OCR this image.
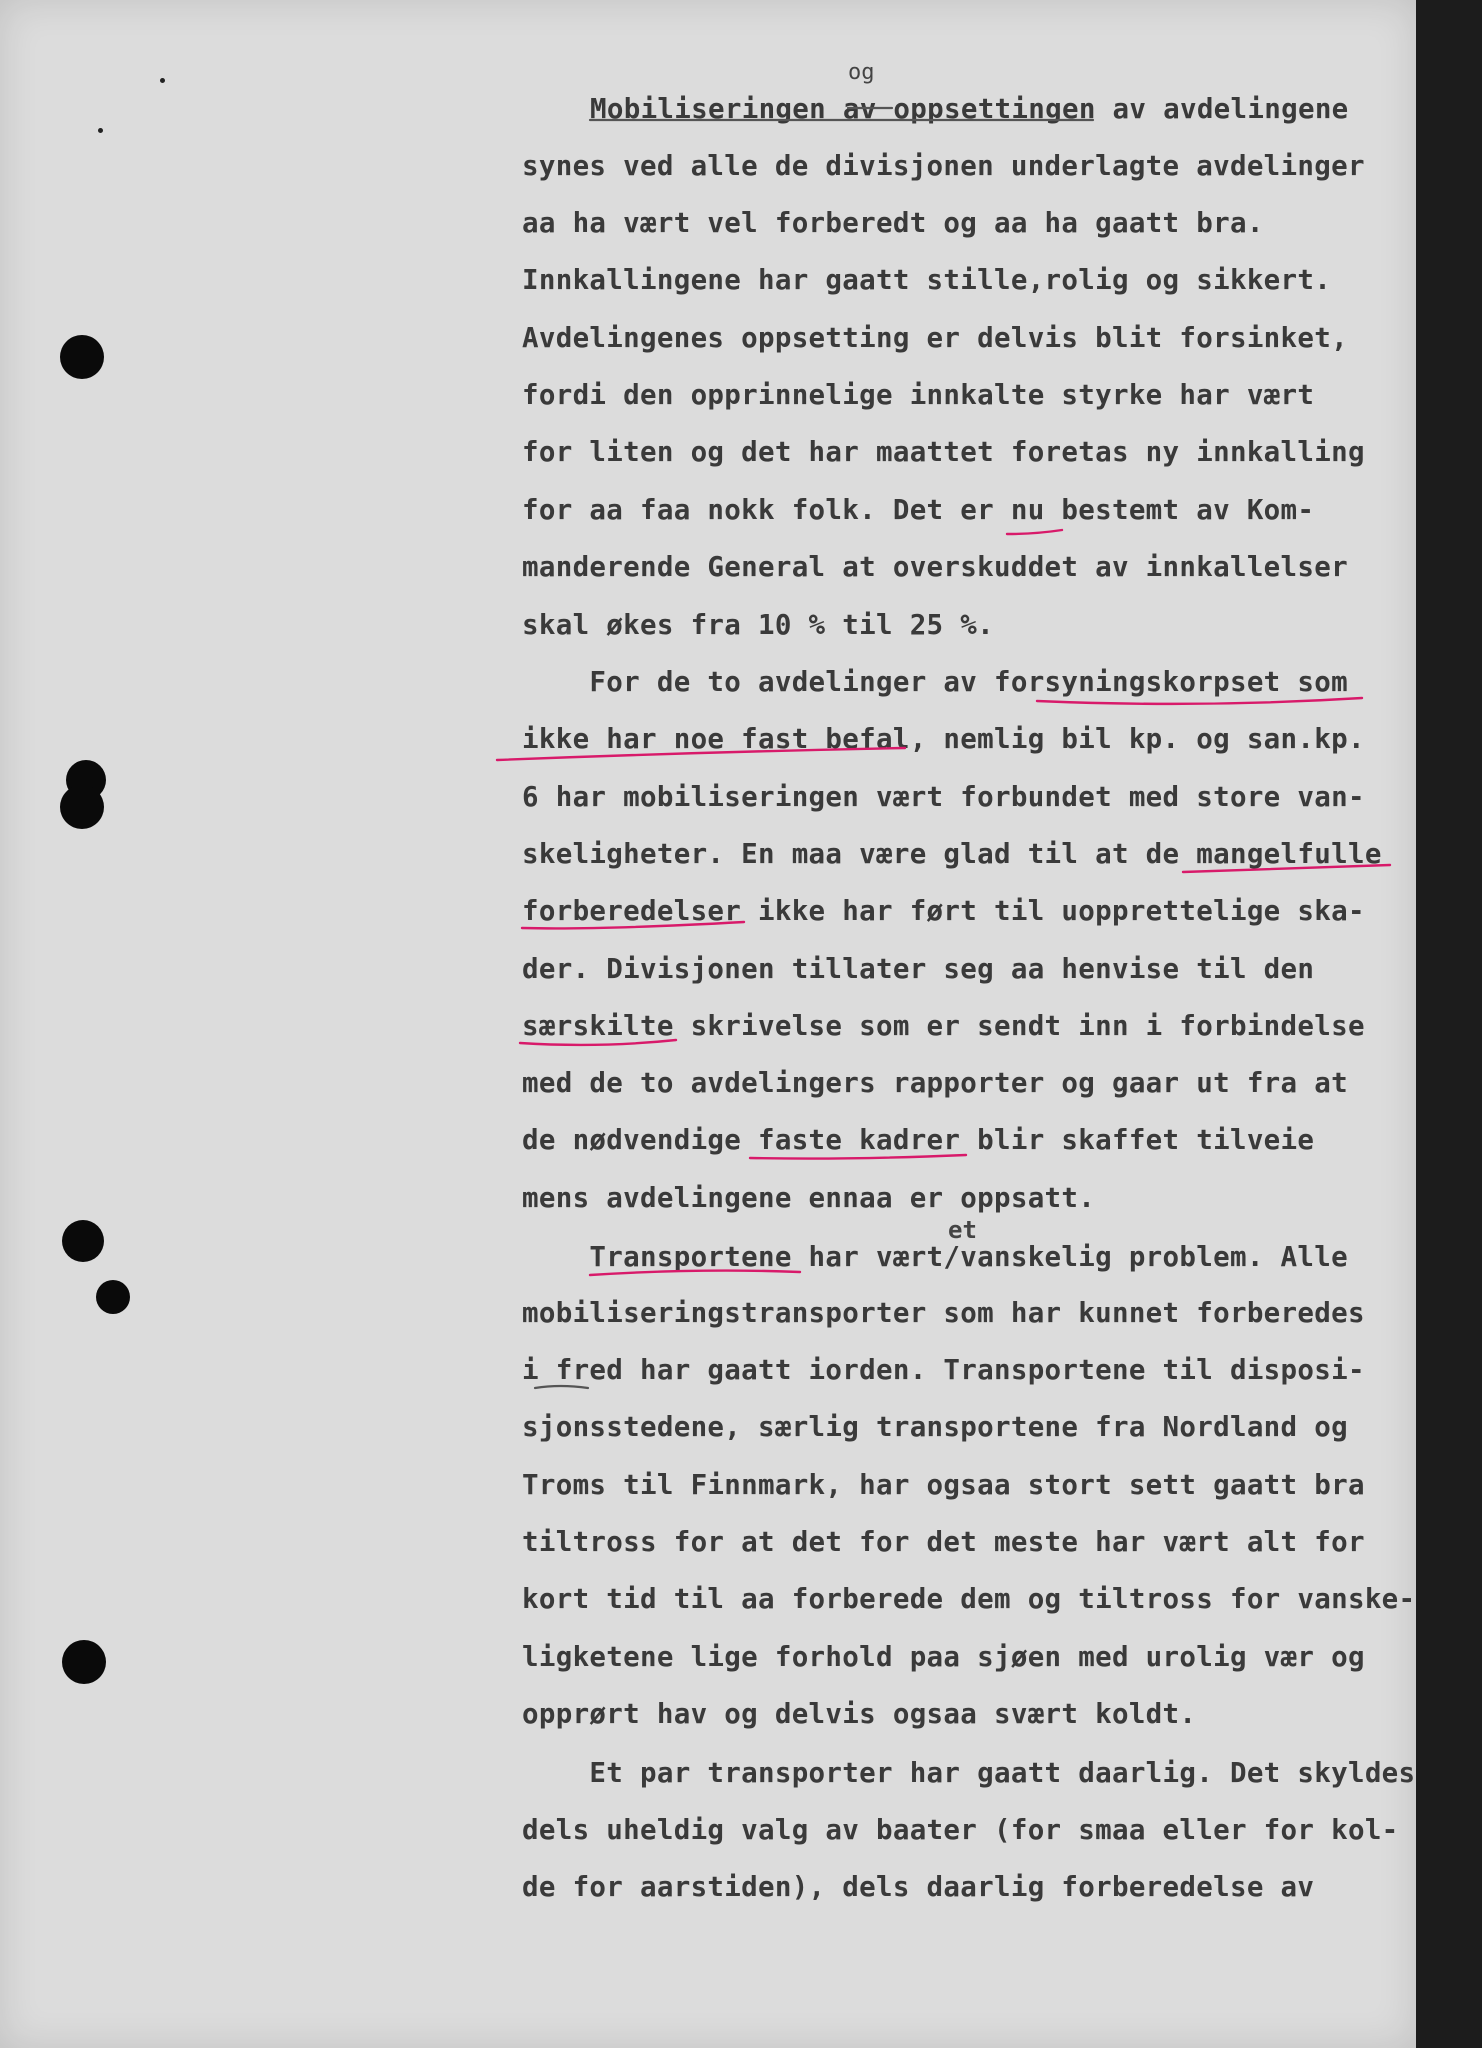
Mobiliseringen av oppsettingen av avdelingene
synes ved alle de divisjonen underlagte avdelinger
aa ha vært vel forberedt og aa ha gaatt bra.
Innkallingene har gaatt stille,rolig og sikkert.
Avdelingenes oppsetting er delvis blit forsinket,
fordi den opprinnelige innkalte styrke har vært
for liten og det har maattet foretas ny innkalling
for aa faa nokk folk. Det er nu bestemt av Kom-
manderende General at overskuddet av innkallelser
skal økes fra 10 % til 25 %.
For de to avdelinger av forsyningskorpset som
ikke har noe fast befal, nemlig bil kp. og san.kp.
6 har mobiliseringen vært forbundet med store van-
skeligheter. En maa være glad til at de mangelfulle
forberedelser ikke har ført til uopprettelige ska-
der. Divisjonen tillater seg aa henvise til den
særskilte skrivelse som er sendt inn i forbindelse
med de to avdelingers rapporter og gaar ut fra at
de nødvendige faste kadrer blir skaffet tilveie
mens avdelingene ennaa er oppsatt.
Transportene har vært/vanskelig problem. Alle
mobiliseringstransporter som har kunnet forberedes
i fred har gaatt iorden. Transportene til disposi-
sjonsstedene, særlig transportene fra Nordland og
Troms til Finnmark, har ogsaa stort sett gaatt bra
tiltross for at det for det meste har vært alt for
kort tid til aa forberede dem og tiltross for vanske-
ligketene lige forhold paa sjøen med urolig vær og
opprørt hav og delvis ogsaa svært koldt.
Et par transporter har gaatt daarlig. Det skyldes
dels uheldig valg av baater (for smaa eller for kol-
de for aarstiden), dels daarlig forberedelse av
og
et
